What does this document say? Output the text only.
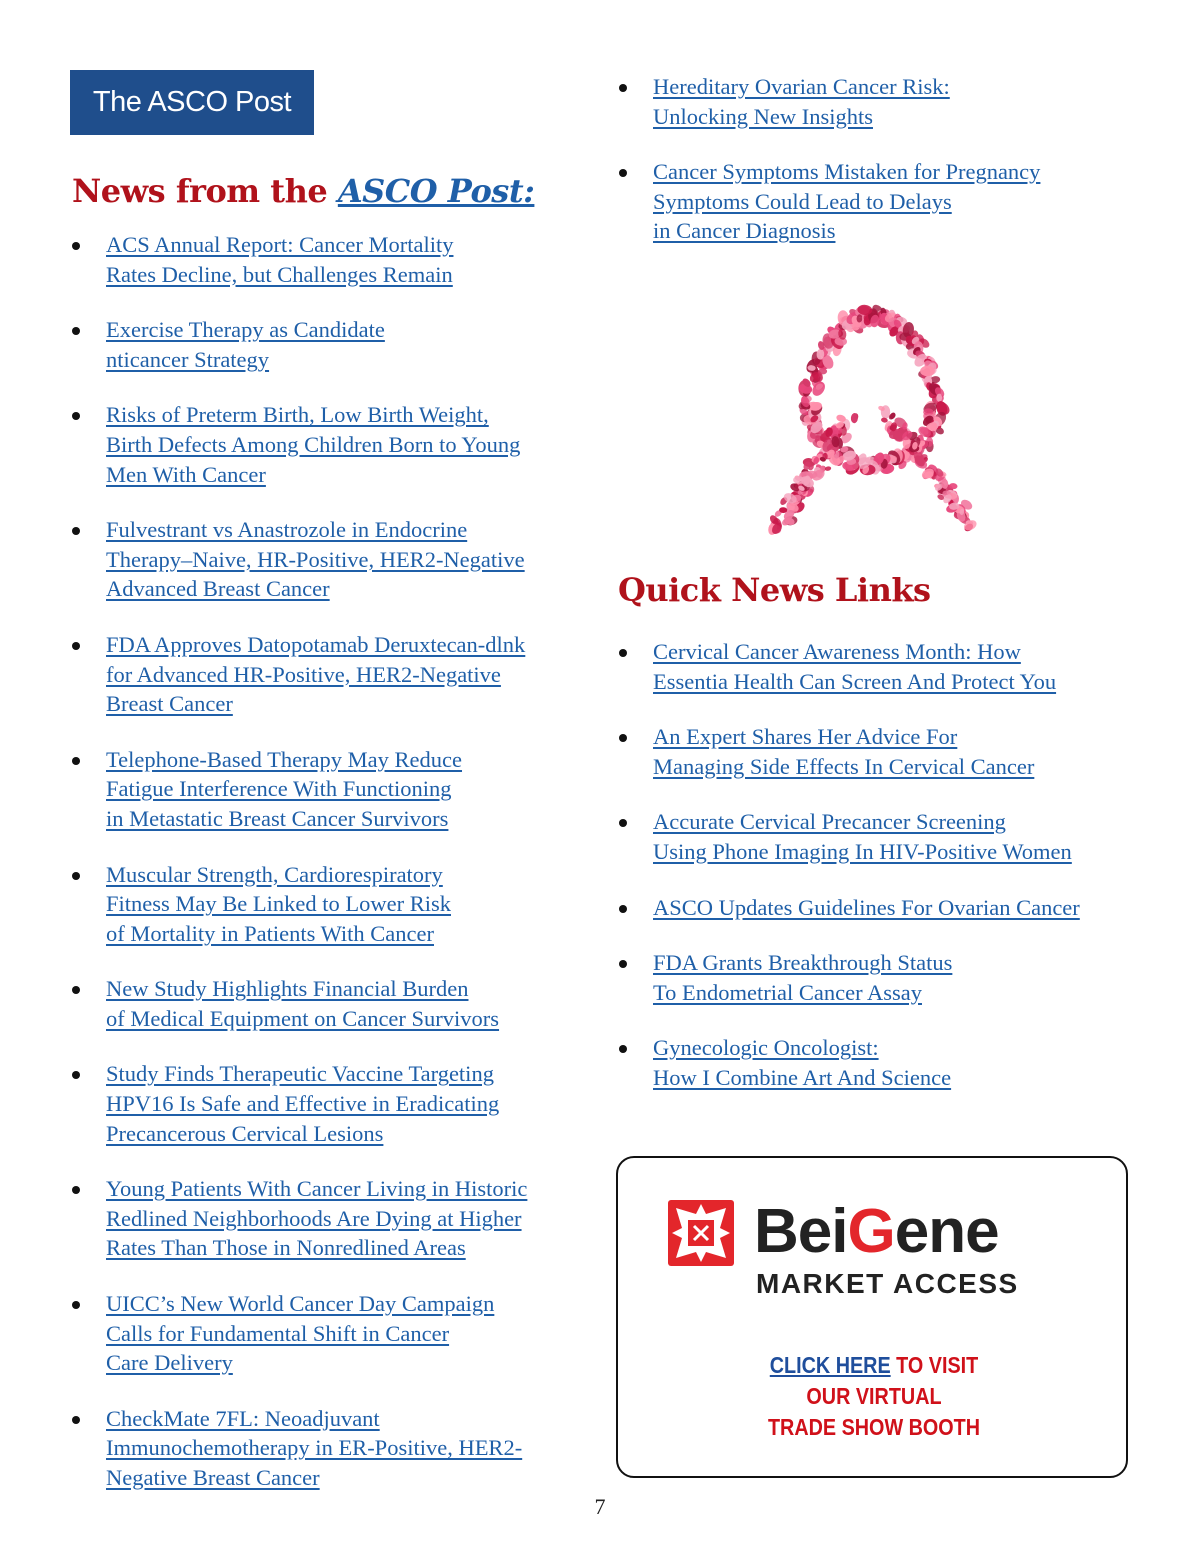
The ASCO Post
News from the ASCO Post:
ACS Annual Report: Cancer Mortality
Rates Decline, but Challenges Remain
Exercise Therapy as Candidate
nticancer Strategy
Risks of Preterm Birth, Low Birth Weight,
Birth Defects Among Children Born to Young
Men With Cancer
Fulvestrant vs Anastrozole in Endocrine
Therapy–Naive, HR-Positive, HER2-Negative
Advanced Breast Cancer
FDA Approves Datopotamab Deruxtecan-dlnk
for Advanced HR-Positive, HER2-Negative
Breast Cancer
Telephone-Based Therapy May Reduce
Fatigue Interference With Functioning
in Metastatic Breast Cancer Survivors
Muscular Strength, Cardiorespiratory
Fitness May Be Linked to Lower Risk
of Mortality in Patients With Cancer
New Study Highlights Financial Burden
of Medical Equipment on Cancer Survivors
Study Finds Therapeutic Vaccine Targeting
HPV16 Is Safe and Effective in Eradicating
Precancerous Cervical Lesions
Young Patients With Cancer Living in Historic
Redlined Neighborhoods Are Dying at Higher
Rates Than Those in Nonredlined Areas
UICC’s New World Cancer Day Campaign
Calls for Fundamental Shift in Cancer
Care Delivery
CheckMate 7FL: Neoadjuvant
Immunochemotherapy in ER-Positive, HER2-
Negative Breast Cancer
Hereditary Ovarian Cancer Risk:
Unlocking New Insights
Cancer Symptoms Mistaken for Pregnancy
Symptoms Could Lead to Delays
in Cancer Diagnosis
Quick News Links
Cervical Cancer Awareness Month: How
Essentia Health Can Screen And Protect You
An Expert Shares Her Advice For
Managing Side Effects In Cervical Cancer
Accurate Cervical Precancer Screening
Using Phone Imaging In HIV-Positive Women
ASCO Updates Guidelines For Ovarian Cancer
FDA Grants Breakthrough Status
To Endometrial Cancer Assay
Gynecologic Oncologist:
How I Combine Art And Science
BeiGene
MARKET ACCESS
CLICK HERE TO VISIT
OUR VIRTUAL
TRADE SHOW BOOTH
7
